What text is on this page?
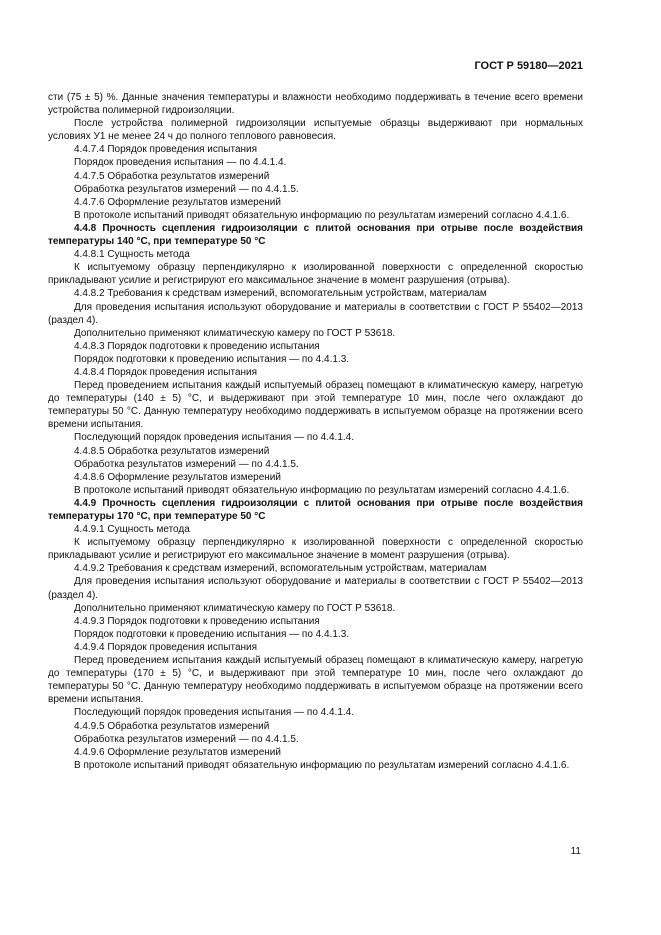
ГОСТ Р 59180—2021

сти (75 ± 5) %. Данные значения температуры и влажности необходимо поддерживать в течение всего времени устройства полимерной гидроизоляции.

После устройства полимерной гидроизоляции испытуемые образцы выдерживают при нормальных условиях У1 не менее 24 ч до полного теплового равновесия.

4.4.7.4 Порядок проведения испытания

Порядок проведения испытания — по 4.4.1.4.

4.4.7.5 Обработка результатов измерений

Обработка результатов измерений — по 4.4.1.5.

4.4.7.6 Оформление результатов измерений

В протоколе испытаний приводят обязательную информацию по результатам измерений согласно 4.4.1.6.

4.4.8 Прочность сцепления гидроизоляции с плитой основания при отрыве после воздействия температуры 140 °С, при температуре 50 °С

4.4.8.1 Сущность метода

К испытуемому образцу перпендикулярно к изолированной поверхности с определенной скоростью прикладывают усилие и регистрируют его максимальное значение в момент разрушения (отрыва).

4.4.8.2 Требования к средствам измерений, вспомогательным устройствам, материалам

Для проведения испытания используют оборудование и материалы в соответствии с ГОСТ Р 55402—2013 (раздел 4).

Дополнительно применяют климатическую камеру по ГОСТ Р 53618.

4.4.8.3 Порядок подготовки к проведению испытания

Порядок подготовки к проведению испытания — по 4.4.1.3.

4.4.8.4 Порядок проведения испытания

Перед проведением испытания каждый испытуемый образец помещают в климатическую камеру, нагретую до температуры (140 ± 5) °С, и выдерживают при этой температуре 10 мин, после чего охлаждают до температуры 50 °С. Данную температуру необходимо поддерживать в испытуемом образце на протяжении всего времени испытания.

Последующий порядок проведения испытания — по 4.4.1.4.

4.4.8.5 Обработка результатов измерений

Обработка результатов измерений — по 4.4.1.5.

4.4.8.6 Оформление результатов измерений

В протоколе испытаний приводят обязательную информацию по результатам измерений согласно 4.4.1.6.

4.4.9 Прочность сцепления гидроизоляции с плитой основания при отрыве после воздействия температуры 170 °С, при температуре 50 °С

4.4.9.1 Сущность метода

К испытуемому образцу перпендикулярно к изолированной поверхности с определенной скоростью прикладывают усилие и регистрируют его максимальное значение в момент разрушения (отрыва).

4.4.9.2 Требования к средствам измерений, вспомогательным устройствам, материалам

Для проведения испытания используют оборудование и материалы в соответствии с ГОСТ Р 55402—2013 (раздел 4).

Дополнительно применяют климатическую камеру по ГОСТ Р 53618.

4.4.9.3 Порядок подготовки к проведению испытания

Порядок подготовки к проведению испытания — по 4.4.1.3.

4.4.9.4 Порядок проведения испытания

Перед проведением испытания каждый испытуемый образец помещают в климатическую камеру, нагретую до температуры (170 ± 5) °С, и выдерживают при этой температуре 10 мин, после чего охлаждают до температуры 50 °С. Данную температуру необходимо поддерживать в испытуемом образце на протяжении всего времени испытания.

Последующий порядок проведения испытания — по 4.4.1.4.

4.4.9.5 Обработка результатов измерений

Обработка результатов измерений — по 4.4.1.5.

4.4.9.6 Оформление результатов измерений

В протоколе испытаний приводят обязательную информацию по результатам измерений согласно 4.4.1.6.

11
